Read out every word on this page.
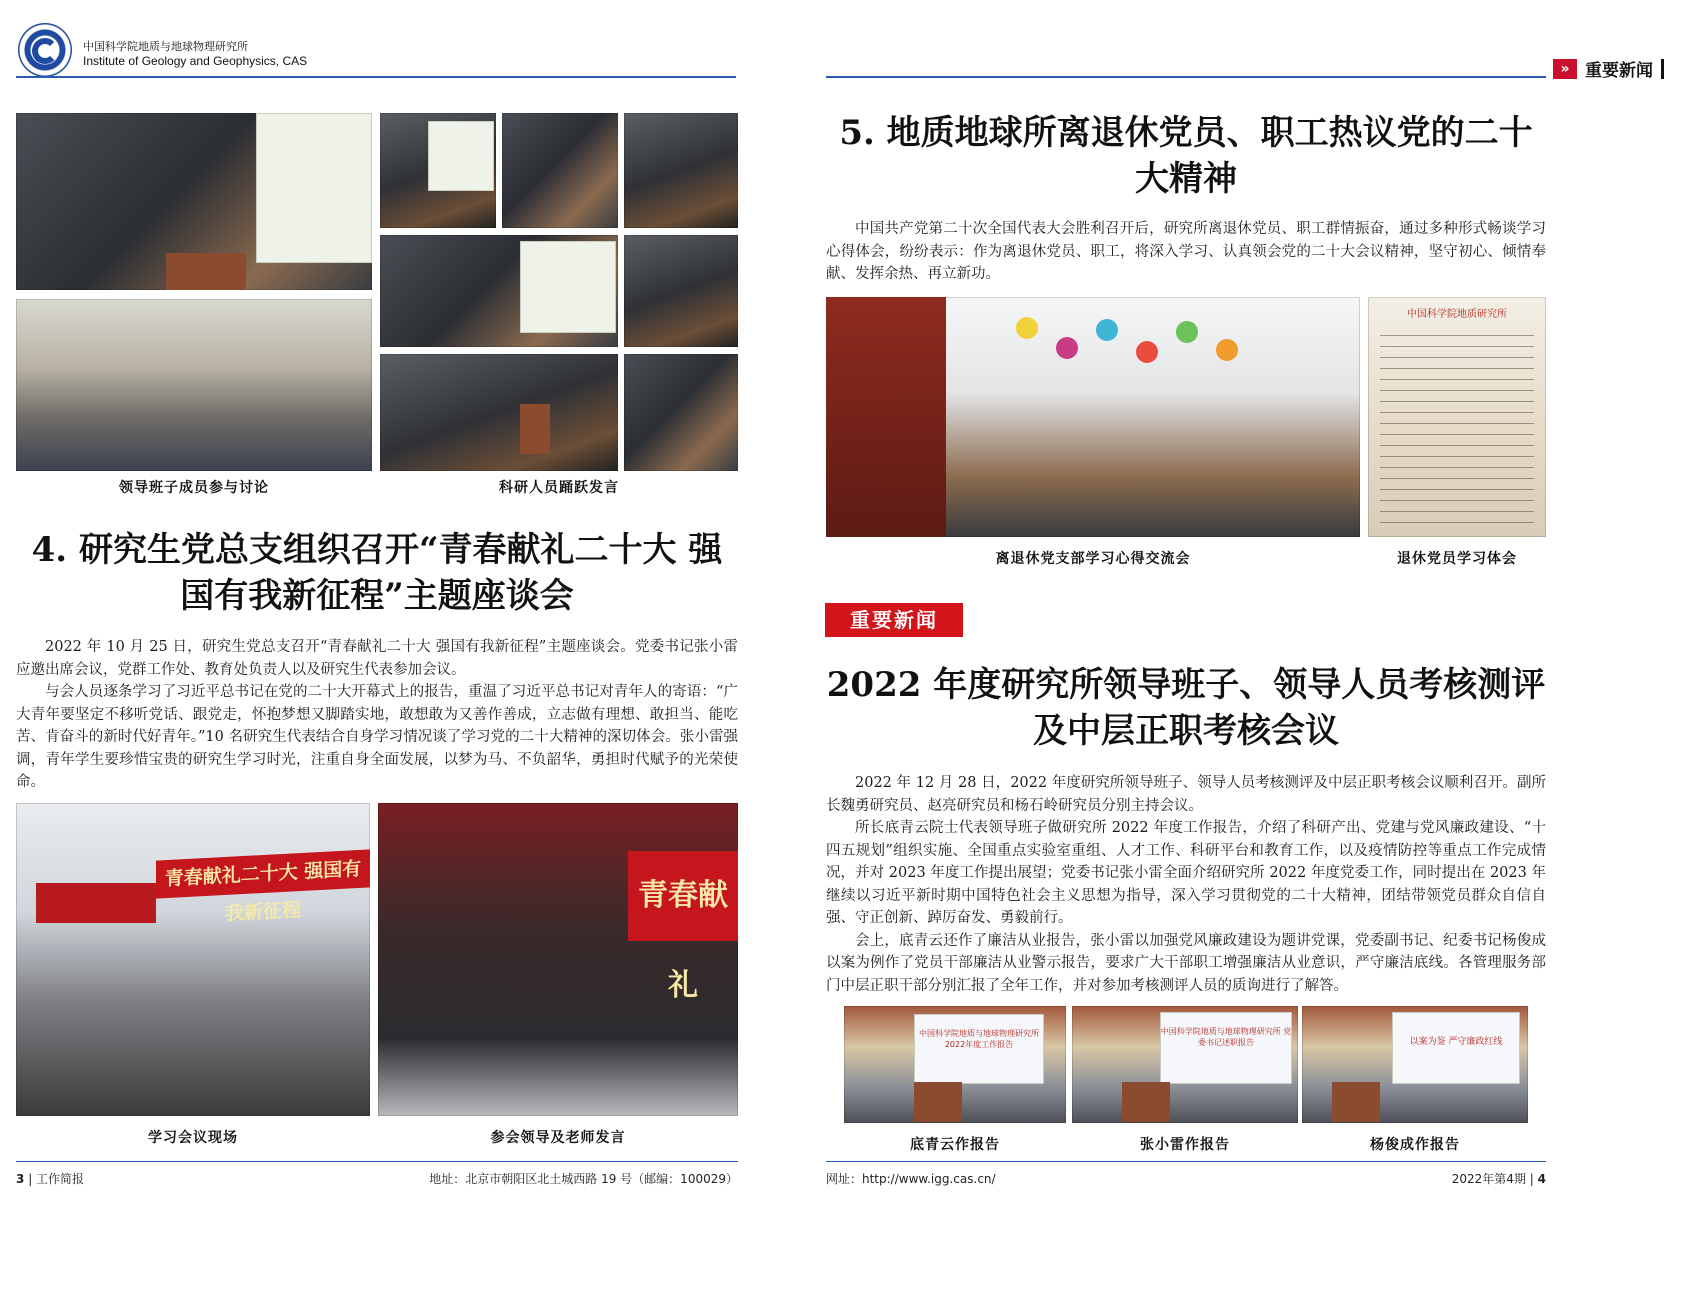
中国科学院地质与地球物理研究所
Institute of Geology and Geophysics, CAS
领导班子成员参与讨论	科研人员踊跃发言
4. 研究生党总支组织召开“青春献礼二十大 强国有我新征程”主题座谈会

2022 年 10 月 25 日，研究生党总支召开“青春献礼二十大 强国有我新征程”主题座谈会。党委书记张小雷应邀出席会议，党群工作处、教育处负责人以及研究生代表参加会议。

与会人员逐条学习了习近平总书记在党的二十大开幕式上的报告，重温了习近平总书记对青年人的寄语：“广大青年要坚定不移听党话、跟党走，怀抱梦想又脚踏实地，敢想敢为又善作善成，立志做有理想、敢担当、能吃苦、肯奋斗的新时代好青年。”10 名研究生代表结合自身学习情况谈了学习党的二十大精神的深切体会。张小雷强调，青年学生要珍惜宝贵的研究生学习时光，注重自身全面发展，以梦为马、不负韶华，勇担时代赋予的光荣使命。

青春献礼二十大 强国有我新征程	青春献礼
学习会议现场	参会领导及老师发言
3 | 工作简报	地址：北京市朝阳区北土城西路 19 号（邮编：100029）
» 重要新闻
5. 地质地球所离退休党员、职工热议党的二十大精神

中国共产党第二十次全国代表大会胜利召开后，研究所离退休党员、职工群情振奋，通过多种形式畅谈学习心得体会，纷纷表示：作为离退休党员、职工，将深入学习、认真领会党的二十大会议精神，坚守初心、倾情奉献、发挥余热、再立新功。

中国科学院地质研究所
离退休党支部学习心得交流会	退休党员学习体会
重要新闻
2022 年度研究所领导班子、领导人员考核测评及中层正职考核会议

2022 年 12 月 28 日，2022 年度研究所领导班子、领导人员考核测评及中层正职考核会议顺利召开。副所长魏勇研究员、赵亮研究员和杨石岭研究员分别主持会议。

所长底青云院士代表领导班子做研究所 2022 年度工作报告，介绍了科研产出、党建与党风廉政建设、“十四五规划”组织实施、全国重点实验室重组、人才工作、科研平台和教育工作，以及疫情防控等重点工作完成情况，并对 2023 年度工作提出展望；党委书记张小雷全面介绍研究所 2022 年度党委工作，同时提出在 2023 年继续以习近平新时期中国特色社会主义思想为指导，深入学习贯彻党的二十大精神，团结带领党员群众自信自强、守正创新、踔厉奋发、勇毅前行。

会上，底青云还作了廉洁从业报告，张小雷以加强党风廉政建设为题讲党课，党委副书记、纪委书记杨俊成以案为例作了党员干部廉洁从业警示报告，要求广大干部职工增强廉洁从业意识，严守廉洁底线。各管理服务部门中层正职干部分别汇报了全年工作，并对参加考核测评人员的质询进行了解答。

中国科学院地质与地球物理研究所 2022年度工作报告
中国科学院地质与地球物理研究所 党委书记述职报告	以案为鉴 严守廉政红线
底青云作报告	张小雷作报告	杨俊成作报告
网址：http://www.igg.cas.cn/	2022年第4期 | 4
